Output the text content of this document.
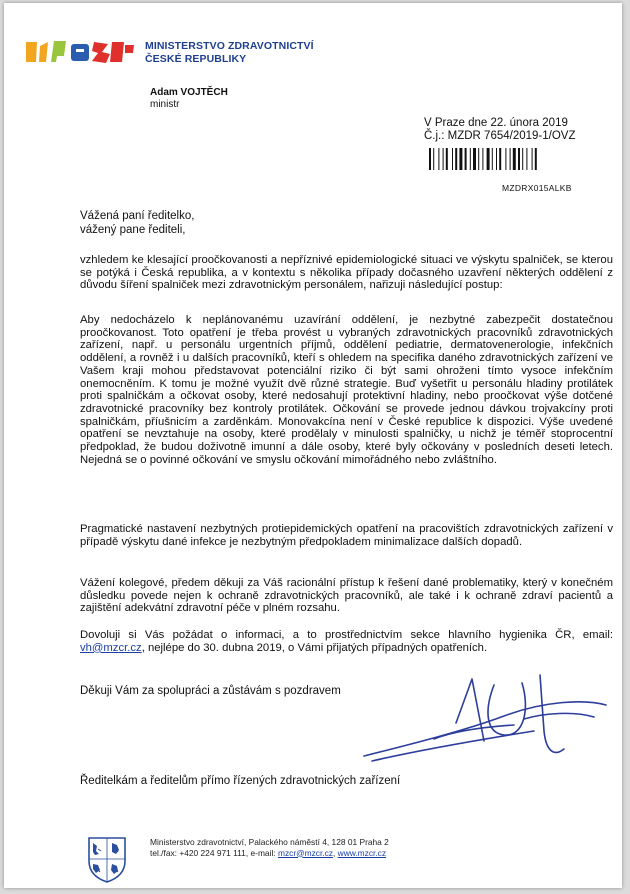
MINISTERSTVO ZDRAVOTNICTVÍ
ČESKÉ REPUBLIKY
Adam VOJTĚCH
ministr
V Praze dne 22. února 2019
Č.j.: MZDR 7654/2019-1/OVZ
MZDRX015ALKB
Vážená paní ředitelko,
vážený pane řediteli,
vzhledem ke klesající proočkovanosti a nepříznivé epidemiologické situaci ve výskytu spalniček, se kterou se potýká i Česká republika, a v kontextu s několika případy dočasného uzavření některých oddělení z důvodu šíření spalniček mezi zdravotnickým personálem, nařizuji následující postup:
Aby nedocházelo k neplánovanému uzavírání oddělení, je nezbytné zabezpečit dostatečnou proočkovanost. Toto opatření je třeba provést u vybraných zdravotnických pracovníků zdravotnických zařízení, např. u personálu urgentních příjmů, oddělení pediatrie, dermatovenerologie, infekčních oddělení, a rovněž i u dalších pracovníků, kteří s ohledem na specifika daného zdravotnických zařízení ve Vašem kraji mohou představovat potenciální riziko či být sami ohroženi tímto vysoce infekčním onemocněním. K tomu je možné využít dvě různé strategie. Buď vyšetřit u personálu hladiny protilátek proti spalničkám a očkovat osoby, které nedosahují protektivní hladiny, nebo proočkovat výše dotčené zdravotnické pracovníky bez kontroly protilátek. Očkování se provede jednou dávkou trojvakcíny proti spalničkám, příušnicím a zarděnkám. Monovakcína není v České republice k dispozici. Výše uvedené opatření se nevztahuje na osoby, které prodělaly v minulosti spalničky, u nichž je téměř stoprocentní předpoklad, že budou doživotně imunní a dále osoby, které byly očkovány v posledních deseti letech. Nejedná se o povinné očkování ve smyslu očkování mimořádného nebo zvláštního.
Pragmatické nastavení nezbytných protiepidemických opatření na pracovištích zdravotnických zařízení v případě výskytu dané infekce je nezbytným předpokladem minimalizace dalších dopadů.
Vážení kolegové, předem děkuji za Váš racionální přístup k řešení dané problematiky, který v konečném důsledku povede nejen k ochraně zdravotnických pracovníků, ale také i k ochraně zdraví pacientů a zajištění adekvátní zdravotní péče v plném rozsahu.
Dovoluji si Vás požádat o informaci, a to prostřednictvím sekce hlavního hygienika ČR, email: vh@mzcr.cz, nejlépe do 30. dubna 2019, o Vámi přijatých případných opatřeních.
Děkuji Vám za spolupráci a zůstávám s pozdravem
Ředitelkám a ředitelům přímo řízených zdravotnických zařízení
Ministerstvo zdravotnictví, Palackého náměstí 4, 128 01 Praha 2
tel./fax: +420 224 971 111, e-mail: mzcr@mzcr.cz, www.mzcr.cz
